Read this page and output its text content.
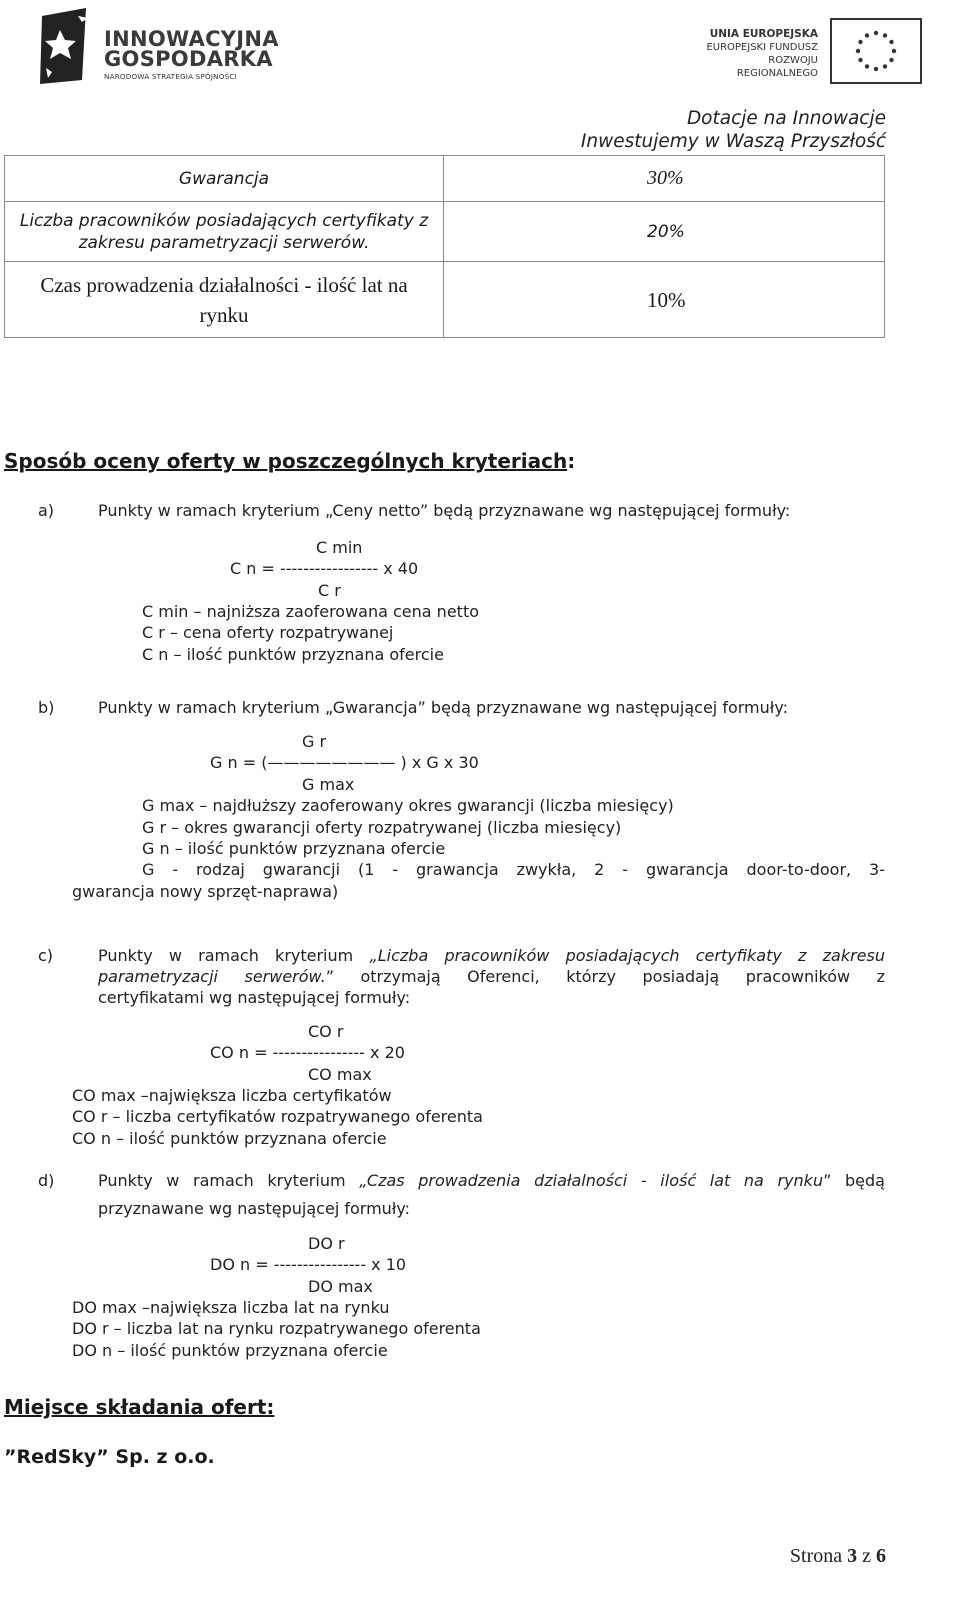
INNOWACYJNA
GOSPODARKA
NARODOWA STRATEGIA SPÓJNOŚCI
UNIA EUROPEJSKA
EUROPEJSKI FUNDUSZ
ROZWOJU REGIONALNEGO
Dotacje na Innowacje
Inwestujemy w Waszą Przyszłość
Gwarancja	30%

Liczba pracowników posiadających certyfikaty z
zakresu parametryzacji serwerów.	20%

Czas prowadzenia działalności - ilość lat na
rynku	10%
Sposób oceny oferty w poszczególnych kryteriach:
a)	Punkty w ramach kryterium „Ceny netto” będą przyznawane wg następującej formuły:
C min
C n = ----------------- x 40
C r
C min – najniższa zaoferowana cena netto
C r – cena oferty rozpatrywanej
C n – ilość punktów przyznana ofercie
b)	Punkty w ramach kryterium „Gwarancja” będą przyznawane wg następującej formuły:
G r
G n = (———————— ) x G x 30
G max
G max – najdłuższy zaoferowany okres gwarancji (liczba miesięcy)
G r – okres gwarancji oferty rozpatrywanej (liczba miesięcy)
G n – ilość punktów przyznana ofercie
G - rodzaj gwarancji (1 - grawancja zwykła, 2 - gwarancja door-to-door, 3-
gwarancja nowy sprzęt-naprawa)
c)	Punkty w ramach kryterium „Liczba pracowników posiadających certyfikaty z zakresu
parametryzacji serwerów.” otrzymają Oferenci, którzy posiadają pracowników z
certyfikatami wg następującej formuły:
CO r
CO n = ---------------- x 20
CO max
CO max –największa liczba certyfikatów
CO r – liczba certyfikatów rozpatrywanego oferenta
CO n – ilość punktów przyznana ofercie
d)	Punkty w ramach kryterium „Czas prowadzenia działalności - ilość lat na rynku” będą
przyznawane wg następującej formuły:
DO r
DO n = ---------------- x 10
DO max
DO max –największa liczba lat na rynku
DO r – liczba lat na rynku rozpatrywanego oferenta
DO n – ilość punktów przyznana ofercie
Miejsce składania ofert:
”RedSky” Sp. z o.o.
Strona 3 z 6
